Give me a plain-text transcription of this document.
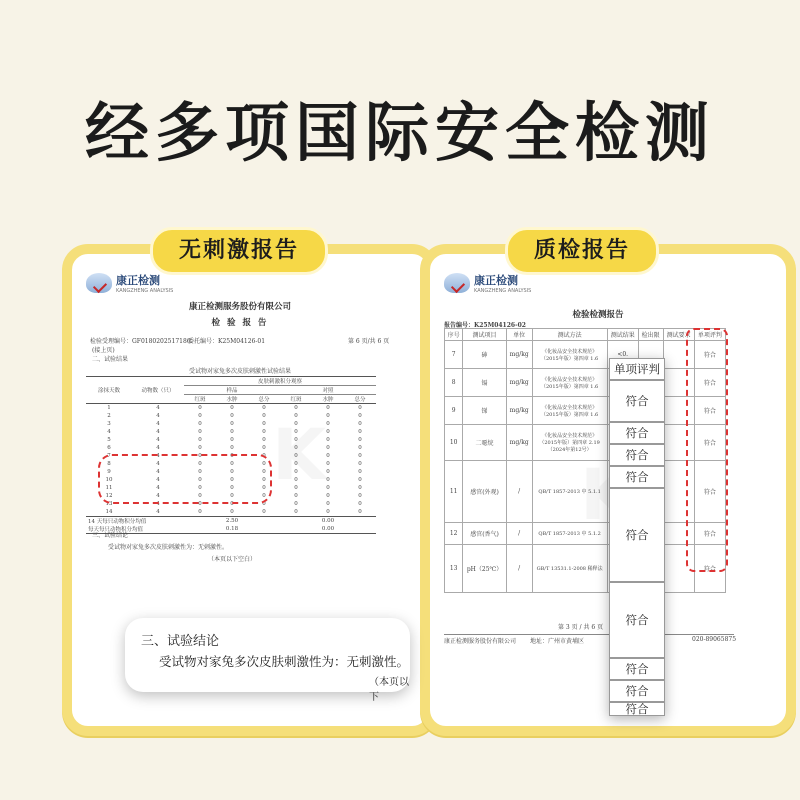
经多项国际安全检测
无刺激报告	质检报告
康正检测
KANGZHENG ANALYSIS
康正检测服务股份有限公司
检 验 报 告
检验受理编号：GF0180202517186
委托编号：K25M04126-01	第 6 页/共 6 页
(接上页)
二、试验结果
受试物对家兔多次皮肤刺激性试验结果
涂抹天数	动物数（只）	皮肤刺激积分观察					
		样品			对照		
		红斑	水肿	总分	红斑	水肿	总分
1	4	0	0	0	0	0	0
2	4	0	0	0	0	0	0
3	4	0	0	0	0	0	0
4	4	0	0	0	0	0	0
5	4	0	0	0	0	0	0
6	4	0	0	0	0	0	0
7	4	0	0	0	0	0	0
8	4	0	0	0	0	0	0
9	4	0	0	0	0	0	0
10	4	0	0	0	0	0	0
11	4	0	0	0	0	0	0
12	4	0	0	0	0	0	0
13	4	0	0	0	0	0	0
14	4	0	0	0	0	0	0
14 天每只动物积分均值		2.50			0.00		
每天每只动物积分均值		0.18			0.00		
三、试验结论
受试物对家兔多次皮肤刺激性为：无刺激性。
（本页以下空白）
三、试验结论
受试物对家兔多次皮肤刺激性为：无刺激性。
（本页以下
康正检测
KANGZHENG ANALYSIS
检验检测报告
报告编号：K25M04126-02
序号	测试项目	单位	测试方法	测试结果	检出限	测试要求	单项评判
7	砷	mg/kg	《化妆品安全技术规范》（2015年版）第四章 1.6	<0.			符合
8	镉	mg/kg	《化妆品安全技术规范》（2015年版）第四章 1.6				符合
9	锑	mg/kg	《化妆品安全技术规范》（2015年版）第四章 1.6				符合
10	二噁烷	mg/kg	《化妆品安全技术规范》（2015年版）第四章 2.19（2024年第12号）				符合
11	感官(外观)	/	QB/T 1857-2013 中 5.1.1				符合
12	感官(香气)	/	QB/T 1857-2013 中 5.1.2				符合
13	pH（25℃）	/	GB/T 13531.1-2008 稀释法				符合
第 3 页 / 共 6 页
康正检测服务股份有限公司 地址：广州市黄埔区	020-89065875
单项评判
符合
符合
符合
符合
符合
符合
符合
符合
符合
